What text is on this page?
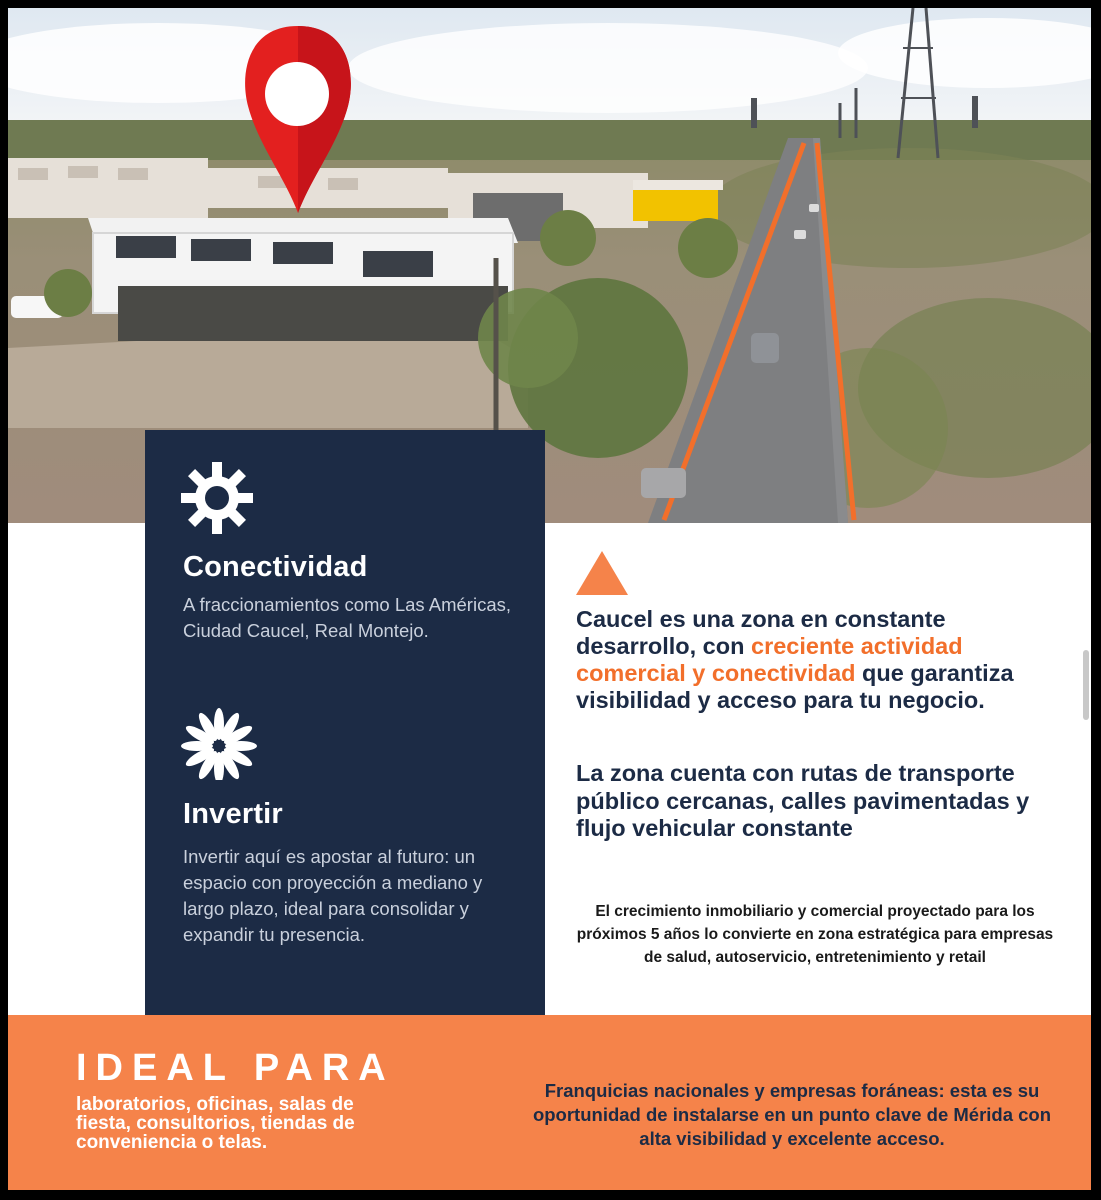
Conectividad
A fraccionamientos como Las Américas, Ciudad Caucel, Real Montejo.
Invertir
Invertir aquí es apostar al futuro: un espacio con proyección a mediano y largo plazo, ideal para consolidar y expandir tu presencia.

Caucel es una zona en constante desarrollo, con creciente actividad comercial y conectividad que garantiza visibilidad y acceso para tu negocio.

La zona cuenta con rutas de transporte público cercanas, calles pavimentadas y flujo vehicular constante

El crecimiento inmobiliario y comercial proyectado para los próximos 5 años lo convierte en zona estratégica para empresas de salud, autoservicio, entretenimiento y retail

IDEAL PARA

laboratorios, oficinas, salas de fiesta, consultorios, tiendas de conveniencia o telas.

Franquicias nacionales y empresas foráneas: esta es su oportunidad de instalarse en un punto clave de Mérida con alta visibilidad y excelente acceso.
